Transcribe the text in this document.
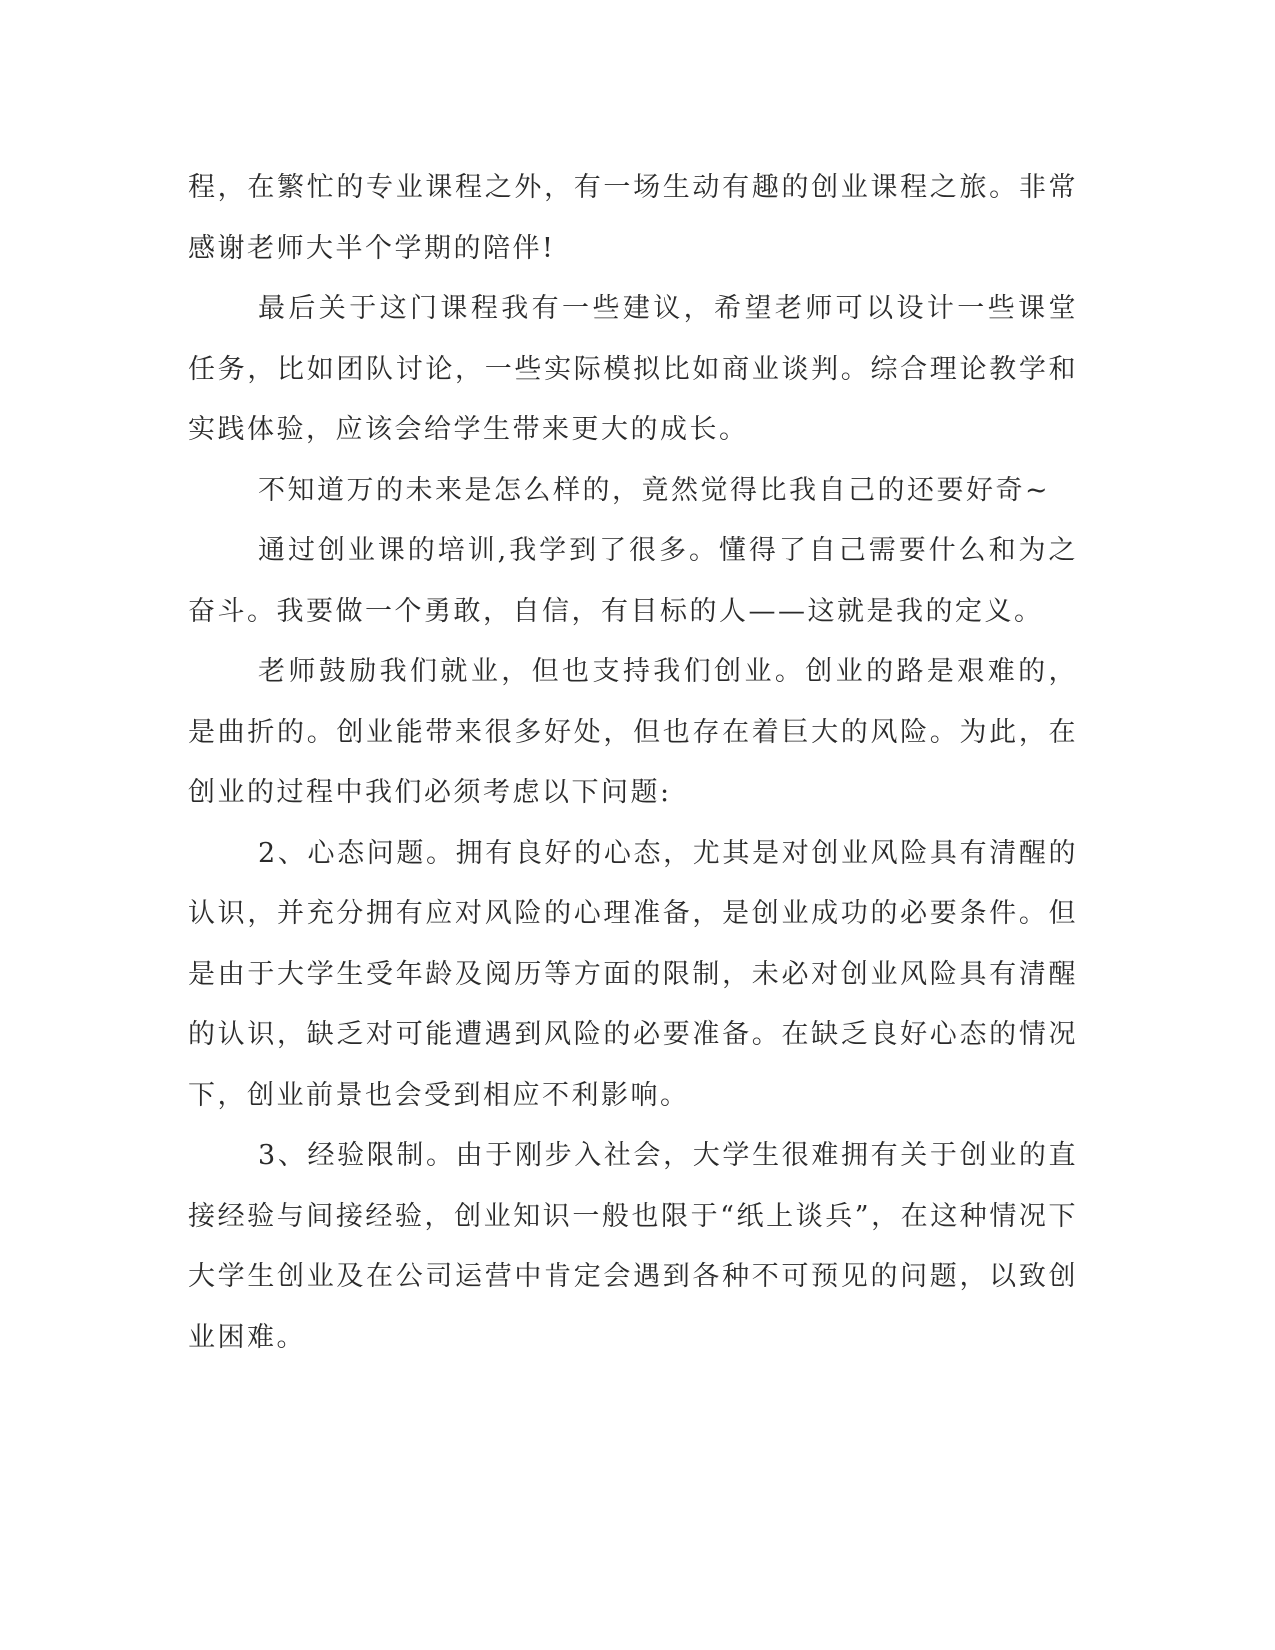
程，在繁忙的专业课程之外，有一场生动有趣的创业课程之旅。非常感谢老师大半个学期的陪伴!

最后关于这门课程我有一些建议，希望老师可以设计一些课堂任务，比如团队讨论，一些实际模拟比如商业谈判。综合理论教学和实践体验，应该会给学生带来更大的成长。

不知道万的未来是怎么样的，竟然觉得比我自己的还要好奇~

通过创业课的培训,我学到了很多。懂得了自己需要什么和为之奋斗。我要做一个勇敢，自信，有目标的人——这就是我的定义。

老师鼓励我们就业，但也支持我们创业。创业的路是艰难的，是曲折的。创业能带来很多好处，但也存在着巨大的风险。为此，在创业的过程中我们必须考虑以下问题:

2、心态问题。拥有良好的心态，尤其是对创业风险具有清醒的认识，并充分拥有应对风险的心理准备，是创业成功的必要条件。但是由于大学生受年龄及阅历等方面的限制，未必对创业风险具有清醒的认识，缺乏对可能遭遇到风险的必要准备。在缺乏良好心态的情况下，创业前景也会受到相应不利影响。

3、经验限制。由于刚步入社会，大学生很难拥有关于创业的直接经验与间接经验，创业知识一般也限于“纸上谈兵”，在这种情况下大学生创业及在公司运营中肯定会遇到各种不可预见的问题，以致创业困难。
